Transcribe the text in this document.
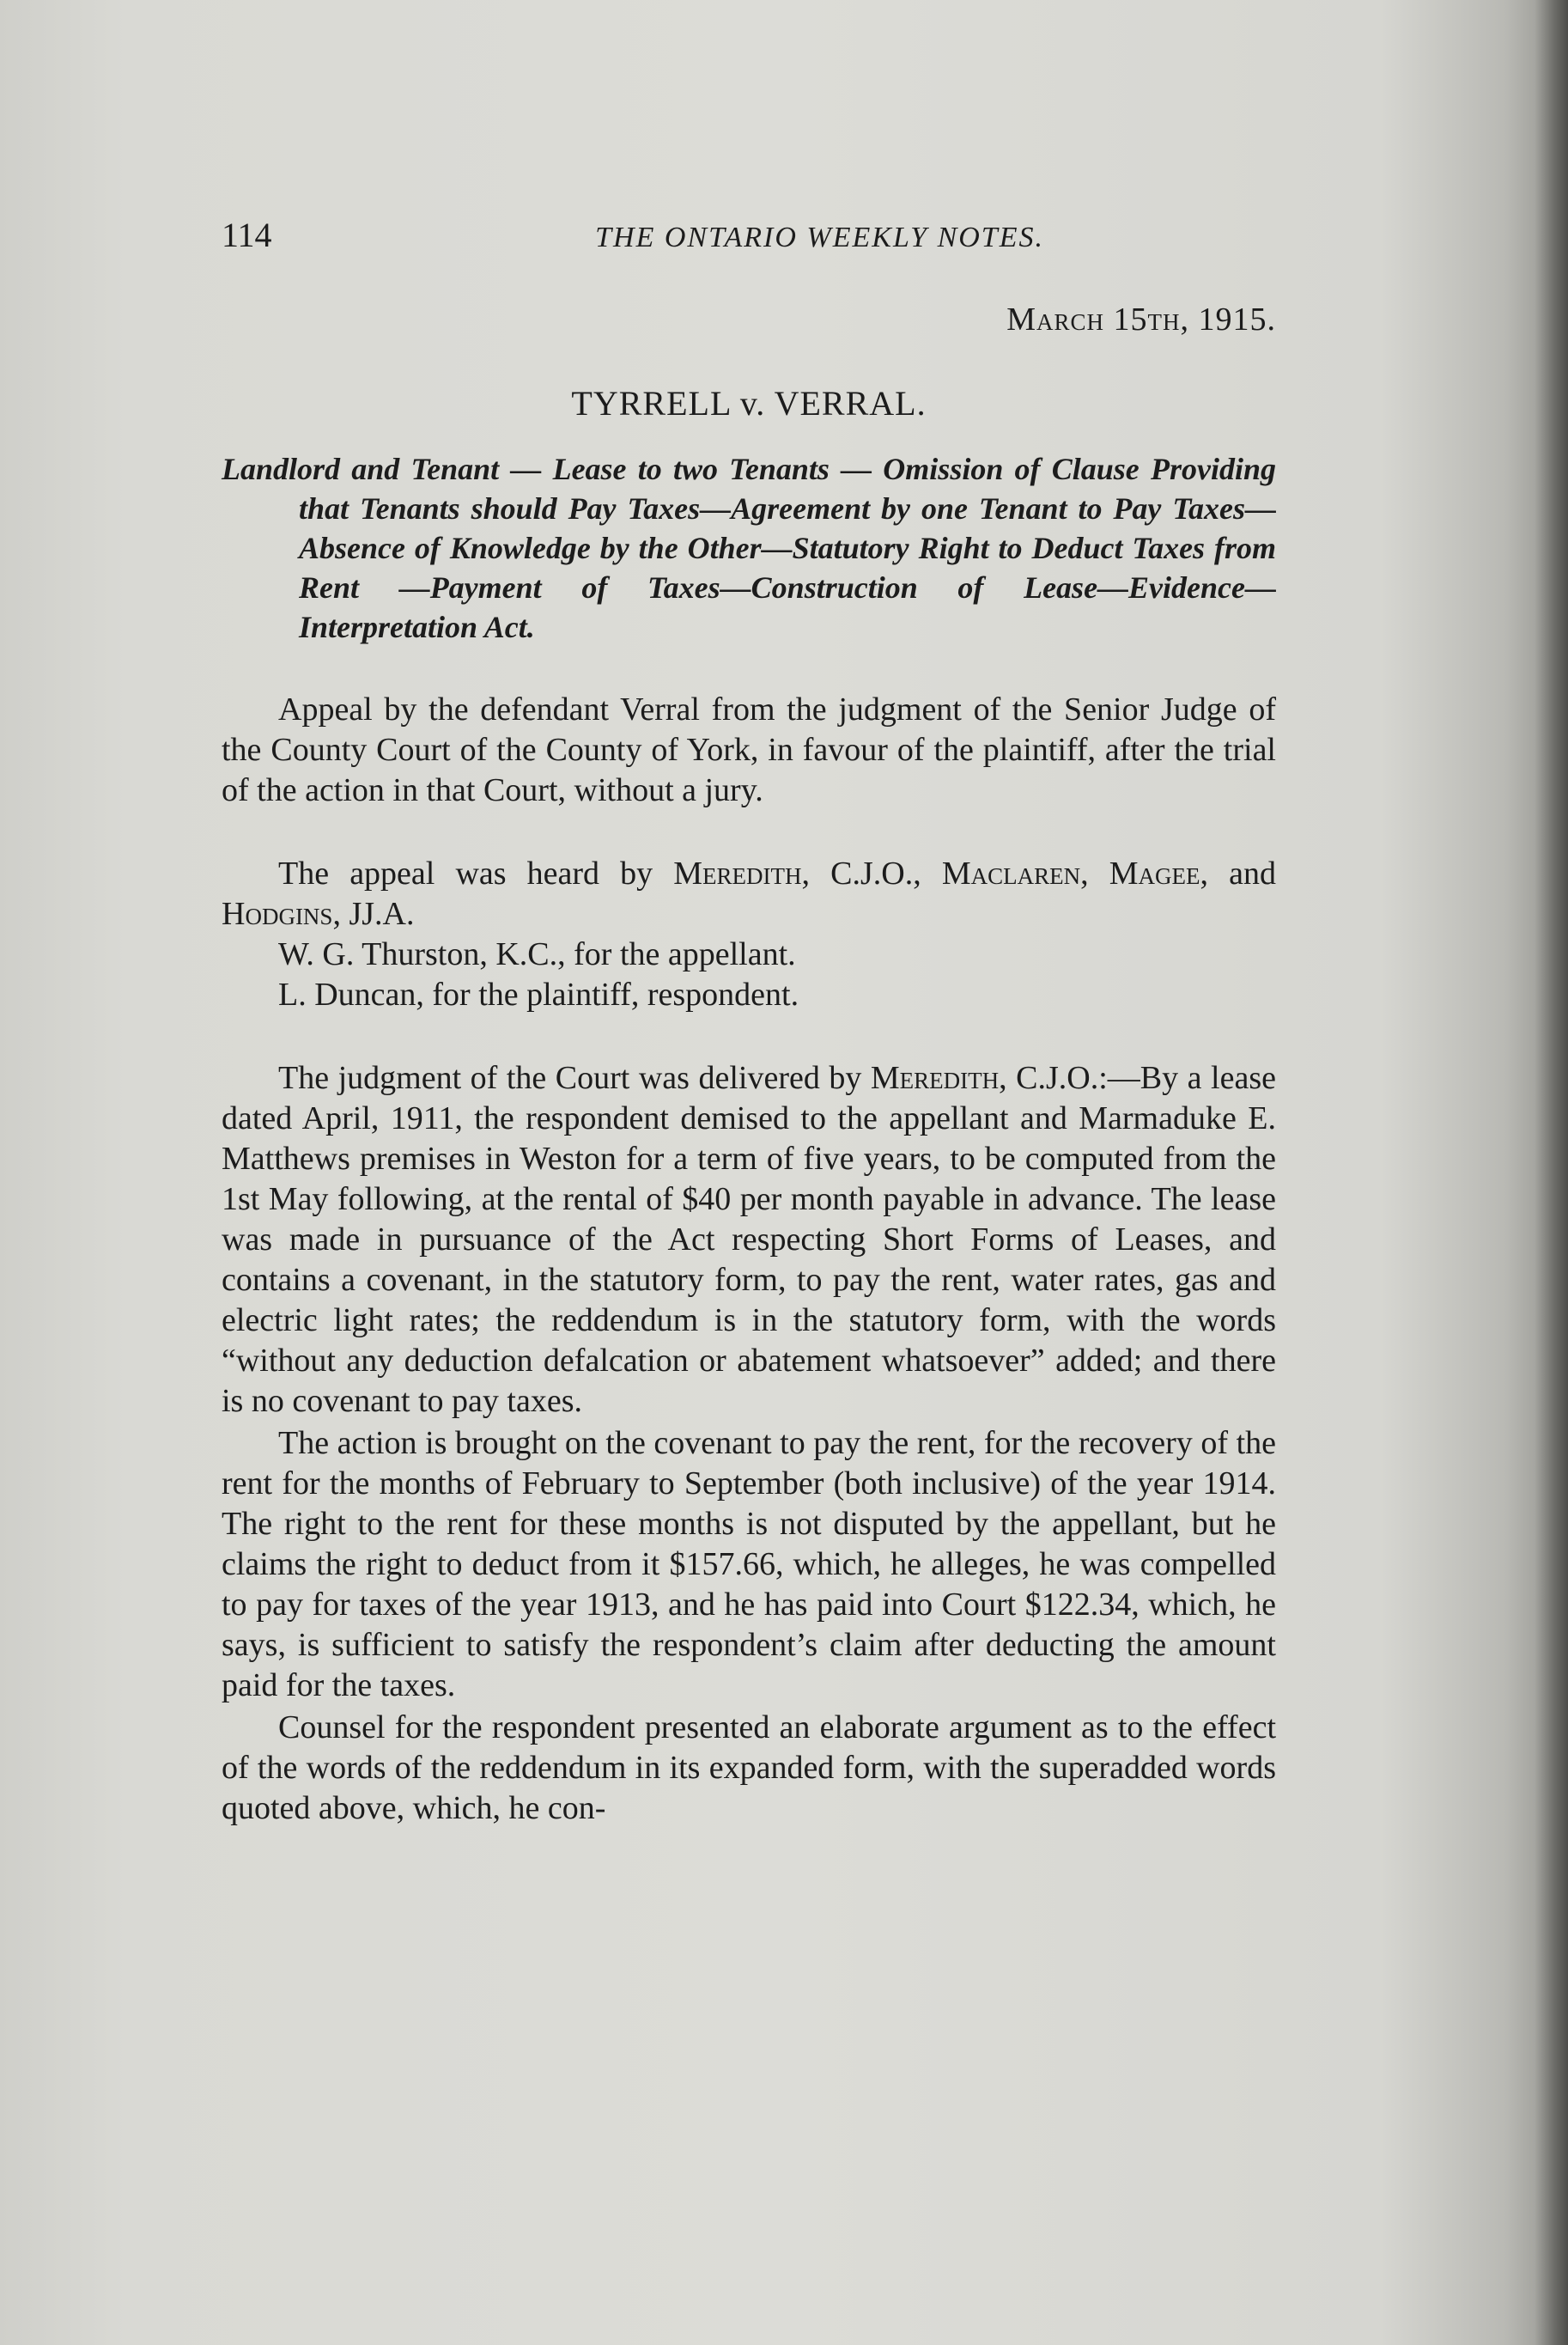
114	THE ONTARIO WEEKLY NOTES.
March 15th, 1915.
TYRRELL v. VERRAL.
Landlord and Tenant — Lease to two Tenants — Omission of Clause Providing that Tenants should Pay Taxes—Agreement by one Tenant to Pay Taxes—Absence of Knowledge by the Other—Statutory Right to Deduct Taxes from Rent —Payment of Taxes—Construction of Lease—Evidence—Interpretation Act.

Appeal by the defendant Verral from the judgment of the Senior Judge of the County Court of the County of York, in favour of the plaintiff, after the trial of the action in that Court, without a jury.

The appeal was heard by Meredith, C.J.O., Maclaren, Magee, and Hodgins, JJ.A.

W. G. Thurston, K.C., for the appellant.

L. Duncan, for the plaintiff, respondent.

The judgment of the Court was delivered by Meredith, C.J.O.:—By a lease dated April, 1911, the respondent demised to the appellant and Marmaduke E. Matthews premises in Weston for a term of five years, to be computed from the 1st May following, at the rental of $40 per month payable in advance. The lease was made in pursuance of the Act respecting Short Forms of Leases, and contains a covenant, in the statutory form, to pay the rent, water rates, gas and electric light rates; the reddendum is in the statutory form, with the words “without any deduction defalcation or abatement whatsoever” added; and there is no covenant to pay taxes.

The action is brought on the covenant to pay the rent, for the recovery of the rent for the months of February to September (both inclusive) of the year 1914. The right to the rent for these months is not disputed by the appellant, but he claims the right to deduct from it $157.66, which, he alleges, he was compelled to pay for taxes of the year 1913, and he has paid into Court $122.34, which, he says, is sufficient to satisfy the respondent’s claim after deducting the amount paid for the taxes.

Counsel for the respondent presented an elaborate argument as to the effect of the words of the reddendum in its expanded form, with the superadded words quoted above, which, he con-
